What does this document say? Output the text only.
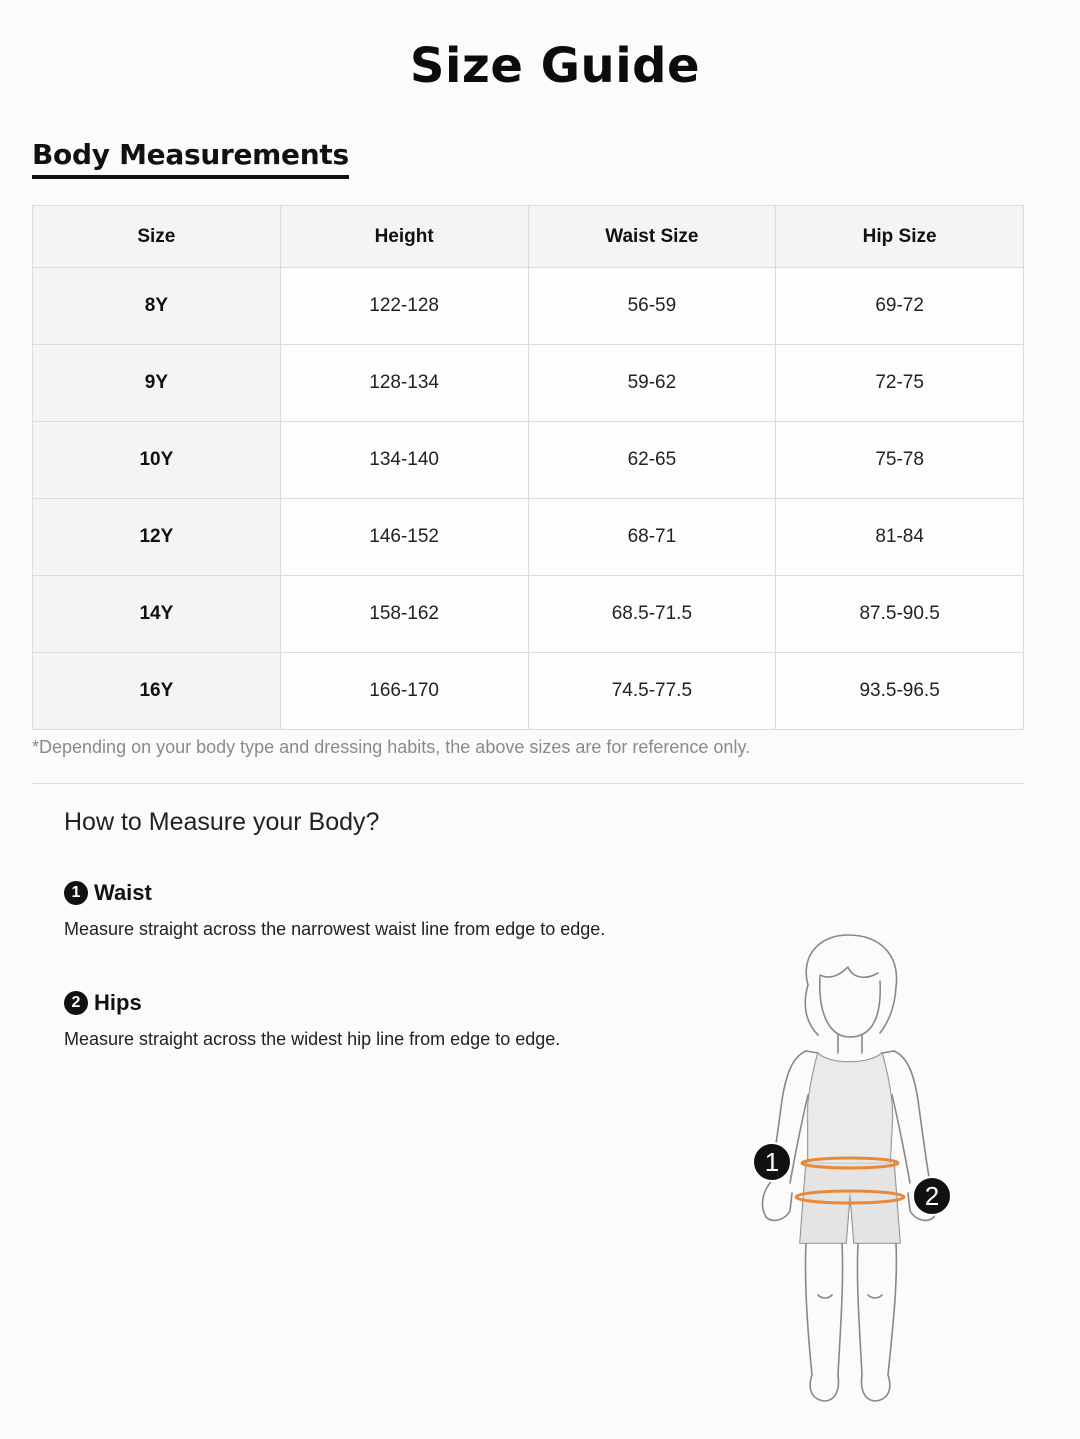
Size Guide
Body Measurements
Size	Height	Waist Size	Hip Size
8Y	122-128	56-59	69-72
9Y	128-134	59-62	72-75
10Y	134-140	62-65	75-78
12Y	146-152	68-71	81-84
14Y	158-162	68.5-71.5	87.5-90.5
16Y	166-170	74.5-77.5	93.5-96.5
*Depending on your body type and dressing habits, the above sizes are for reference only.
How to Measure your Body?
1 Waist
Measure straight across the narrowest waist line from edge to edge.
2 Hips
Measure straight across the widest hip line from edge to edge.
1
2
